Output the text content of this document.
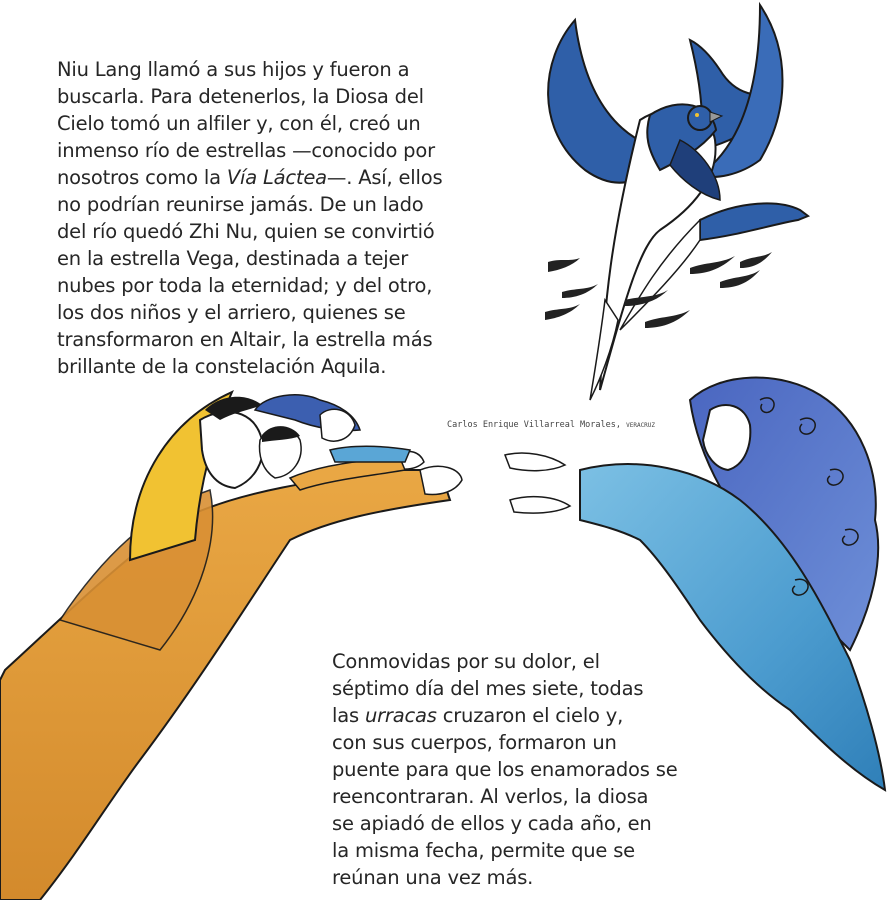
Niu Lang llamó a sus hijos y fueron a
buscarla. Para detenerlos, la Diosa del
Cielo tomó un alfiler y, con él, creó un
inmenso río de estrellas —conocido por
nosotros como la Vía Láctea—. Así, ellos
no podrían reunirse jamás. De un lado
del río quedó Zhi Nu, quien se convirtió
en la estrella Vega, destinada a tejer
nubes por toda la eternidad; y del otro,
los dos niños y el arriero, quienes se
transformaron en Altair, la estrella más
brillante de la constelación Aquila.

Carlos Enrique Villarreal Morales, VERACRUZ

Conmovidas por su dolor, el
séptimo día del mes siete, todas
las urracas cruzaron el cielo y,
con sus cuerpos, formaron un
puente para que los enamorados se
reencontraran. Al verlos, la diosa
se apiadó de ellos y cada año, en
la misma fecha, permite que se
reúnan una vez más.
